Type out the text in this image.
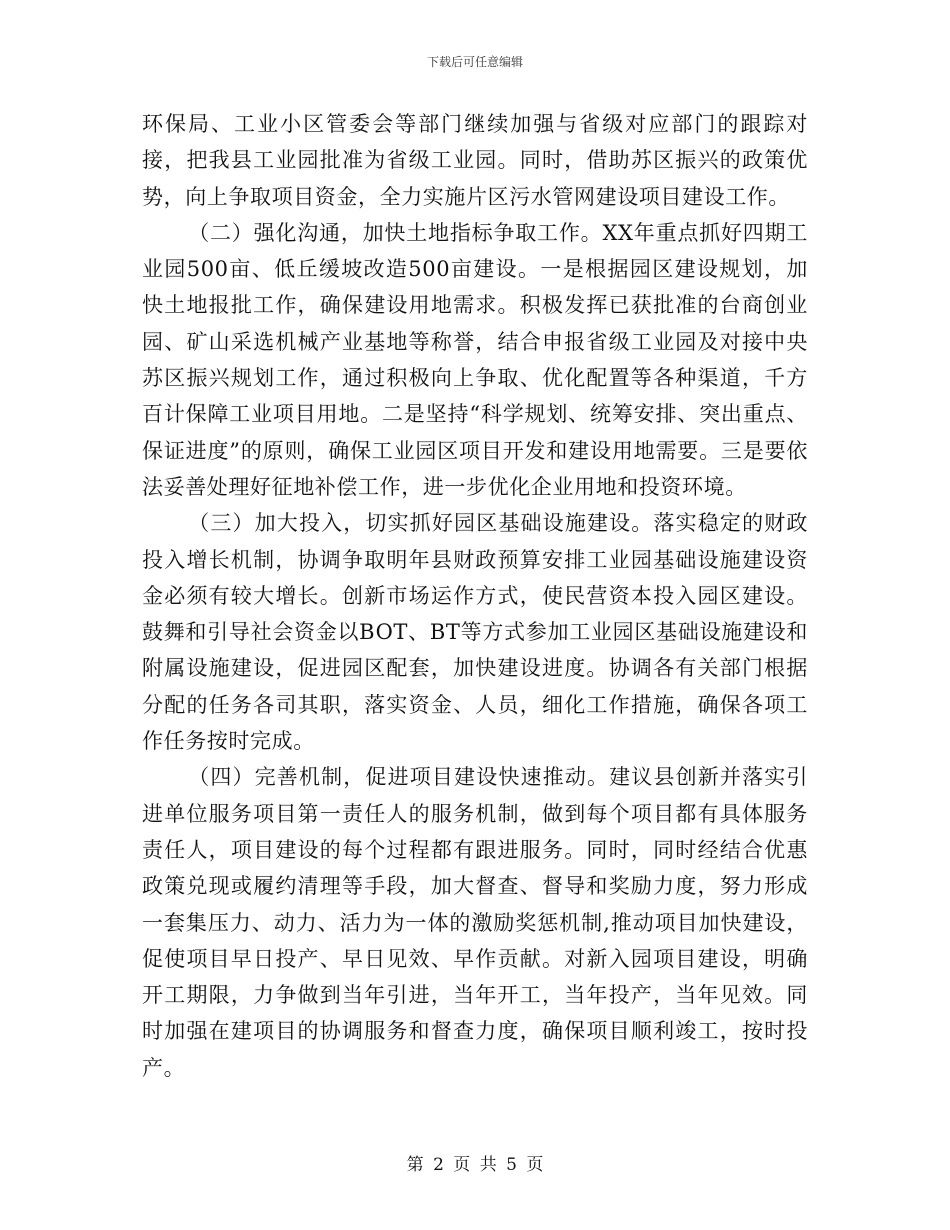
下载后可任意编辑

环保局、工业小区管委会等部门继续加强与省级对应部门的跟踪对接，把我县工业园批准为省级工业园。同时，借助苏区振兴的政策优势，向上争取项目资金，全力实施片区污水管网建设项目建设工作。

（二）强化沟通，加快土地指标争取工作。XX年重点抓好四期工业园500亩、低丘缓坡改造500亩建设。一是根据园区建设规划，加快土地报批工作，确保建设用地需求。积极发挥已获批准的台商创业园、矿山采选机械产业基地等称誉，结合申报省级工业园及对接中央苏区振兴规划工作，通过积极向上争取、优化配置等各种渠道，千方百计保障工业项目用地。二是坚持“科学规划、统筹安排、突出重点、保证进度”的原则，确保工业园区项目开发和建设用地需要。三是要依法妥善处理好征地补偿工作，进一步优化企业用地和投资环境。

（三）加大投入，切实抓好园区基础设施建设。落实稳定的财政投入增长机制，协调争取明年县财政预算安排工业园基础设施建设资金必须有较大增长。创新市场运作方式，使民营资本投入园区建设。鼓舞和引导社会资金以BOT、BT等方式参加工业园区基础设施建设和附属设施建设，促进园区配套，加快建设进度。协调各有关部门根据分配的任务各司其职，落实资金、人员，细化工作措施，确保各项工作任务按时完成。

（四）完善机制，促进项目建设快速推动。建议县创新并落实引进单位服务项目第一责任人的服务机制，做到每个项目都有具体服务责任人，项目建设的每个过程都有跟进服务。同时，同时经结合优惠政策兑现或履约清理等手段，加大督查、督导和奖励力度，努力形成一套集压力、动力、活力为一体的激励奖惩机制,推动项目加快建设，促使项目早日投产、早日见效、早作贡献。对新入园项目建设，明确开工期限，力争做到当年引进，当年开工，当年投产，当年见效。同时加强在建项目的协调服务和督查力度，确保项目顺利竣工，按时投产。

第 2 页 共 5 页
